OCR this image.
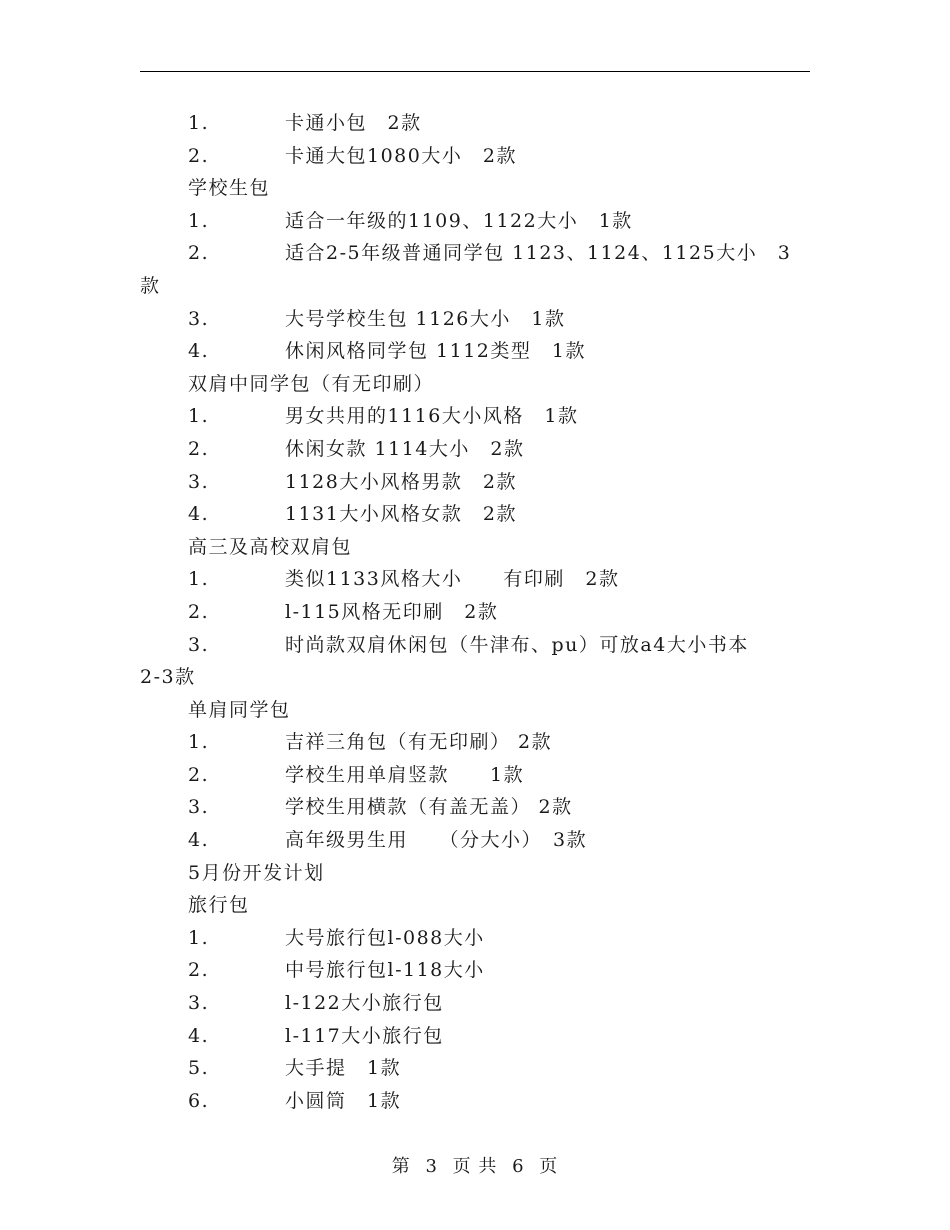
1.	卡通小包　2款
2.	卡通大包1080大小　2款
学校生包
1.	适合一年级的1109、1122大小　1款
2.	适合2-5年级普通同学包 1123、1124、1125大小　3
款
3.	大号学校生包 1126大小　1款
4.	休闲风格同学包 1112类型　1款
双肩中同学包（有无印刷）
1.	男女共用的1116大小风格　1款
2.	休闲女款 1114大小　2款
3.	1128大小风格男款　2款
4.	1131大小风格女款　2款
高三及高校双肩包
1.	类似1133风格大小　　有印刷　2款
2.	l-115风格无印刷　2款
3.	时尚款双肩休闲包（牛津布、pu）可放a4大小书本
2-3款
单肩同学包
1.	吉祥三角包（有无印刷） 2款
2.	学校生用单肩竖款　　1款
3.	学校生用横款（有盖无盖） 2款
4.	高年级男生用　　（分大小）　3款
5月份开发计划
旅行包
1.	大号旅行包l-088大小
2.	中号旅行包l-118大小
3.	l-122大小旅行包
4.	l-117大小旅行包
5.	大手提　1款
6.	小圆筒　1款
第 3 页 共 6 页
